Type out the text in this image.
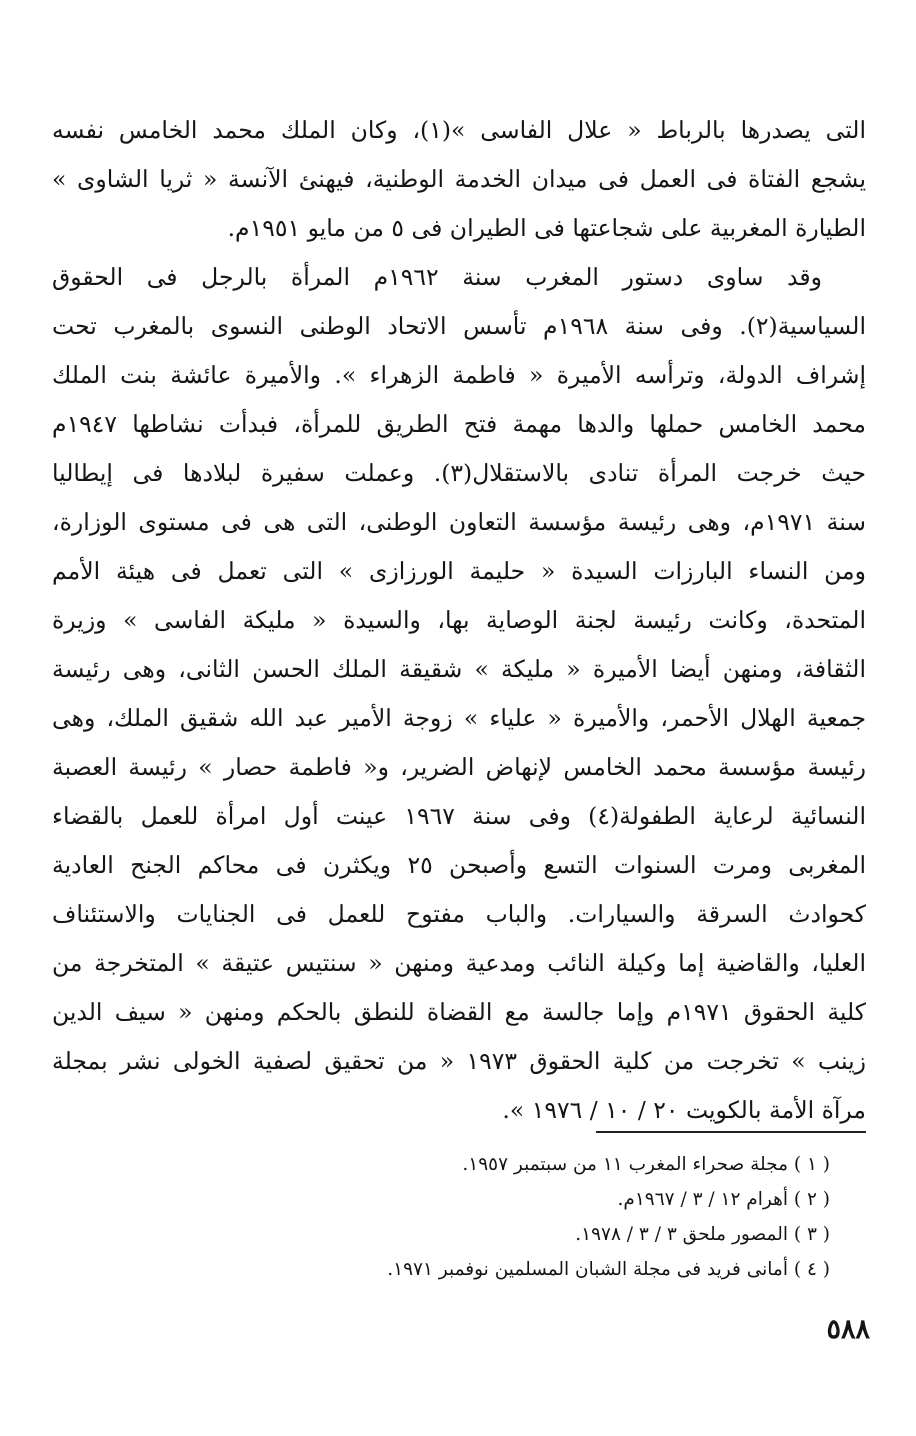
التى يصدرها بالرباط « علال الفاسى »(١)، وكان الملك محمد الخامس نفسه
يشجع الفتاة فى العمل فى ميدان الخدمة الوطنية، فيهنئ الآنسة « ثريا الشاوى »
الطيارة المغربية على شجاعتها فى الطيران فى ٥ من مايو ١٩٥١م.
وقد ساوى دستور المغرب سنة ١٩٦٢م المرأة بالرجل فى الحقوق
السياسية(٢). وفى سنة ١٩٦٨م تأسس الاتحاد الوطنى النسوى بالمغرب تحت
إشراف الدولة، وترأسه الأميرة « فاطمة الزهراء ». والأميرة عائشة بنت الملك
محمد الخامس حملها والدها مهمة فتح الطريق للمرأة، فبدأت نشاطها ١٩٤٧م
حيث خرجت المرأة تنادى بالاستقلال(٣). وعملت سفيرة لبلادها فى إيطاليا
سنة ١٩٧١م، وهى رئيسة مؤسسة التعاون الوطنى، التى هى فى مستوى الوزارة،
ومن النساء البارزات السيدة « حليمة الورزازى » التى تعمل فى هيئة الأمم
المتحدة، وكانت رئيسة لجنة الوصاية بها، والسيدة « مليكة الفاسى » وزيرة
الثقافة، ومنهن أيضا الأميرة « مليكة » شقيقة الملك الحسن الثانى، وهى رئيسة
جمعية الهلال الأحمر، والأميرة « علياء » زوجة الأمير عبد الله شقيق الملك، وهى
رئيسة مؤسسة محمد الخامس لإنهاض الضرير، و« فاطمة حصار » رئيسة العصبة
النسائية لرعاية الطفولة(٤) وفى سنة ١٩٦٧ عينت أول امرأة للعمل بالقضاء
المغربى ومرت السنوات التسع وأصبحن ٢٥ ويكثرن فى محاكم الجنح العادية
كحوادث السرقة والسيارات. والباب مفتوح للعمل فى الجنايات والاستئناف
العليا، والقاضية إما وكيلة النائب ومدعية ومنهن « سنتيس عتيقة » المتخرجة من
كلية الحقوق ١٩٧١م وإما جالسة مع القضاة للنطق بالحكم ومنهن « سيف الدين
زينب » تخرجت من كلية الحقوق ١٩٧٣ « من تحقيق لصفية الخولى نشر بمجلة
مرآة الأمة بالكويت ٢٠ / ١٠ / ١٩٧٦ ».
( ١ ) مجلة صحراء المغرب ١١ من سبتمبر ١٩٥٧.
( ٢ ) أهرام ١٢ / ٣ / ١٩٦٧م.
( ٣ ) المصور ملحق ٣ / ٣ / ١٩٧٨.
( ٤ ) أمانى فريد فى مجلة الشبان المسلمين نوفمبر ١٩٧١.
٥٨٨
